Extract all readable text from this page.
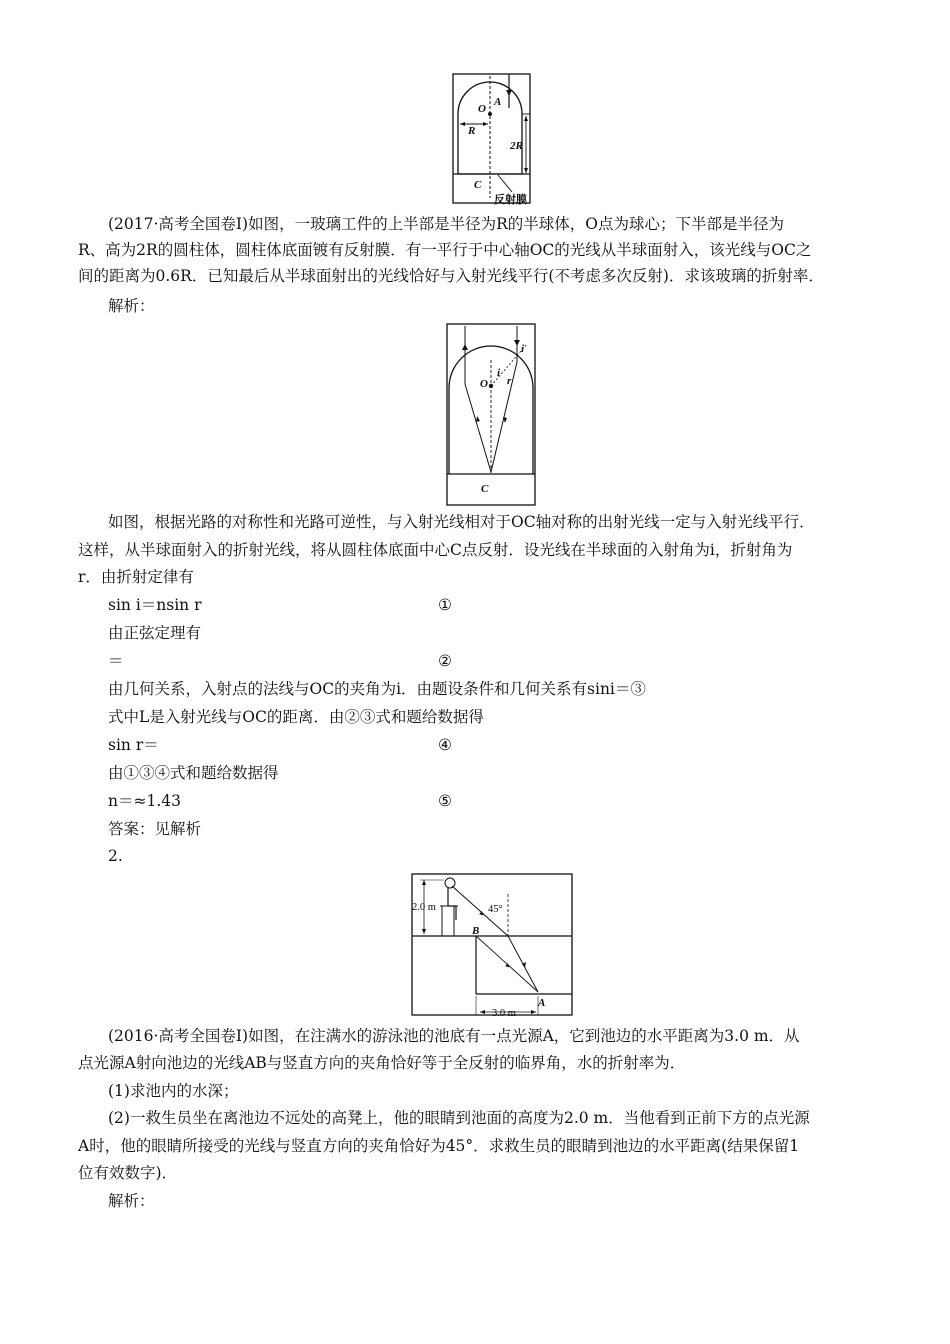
O
A
R
2R
C
反射膜
(2017·高考全国卷Ⅰ)如图，一玻璃工件的上半部是半径为R的半球体，O点为球心；下半部是半径为
R、高为2R的圆柱体，圆柱体底面镀有反射膜．有一平行于中心轴OC的光线从半球面射入，该光线与OC之
间的距离为0.6R．已知最后从半球面射出的光线恰好与入射光线平行(不考虑多次反射)．求该玻璃的折射率．
解析：
O
i
i
r
C
如图，根据光路的对称性和光路可逆性，与入射光线相对于OC轴对称的出射光线一定与入射光线平行．
这样，从半球面射入的折射光线，将从圆柱体底面中心C点反射．设光线在半球面的入射角为i，折射角为
r．由折射定律有
sin i＝nsin r	①
由正弦定理有
＝	②
由几何关系，入射点的法线与OC的夹角为i．由题设条件和几何关系有sini＝③
式中L是入射光线与OC的距离．由②③式和题给数据得
sin r＝	④
由①③④式和题给数据得
n＝≈1.43	⑤
答案：见解析
2.
2.0 m	45°
B
3.0 m
A
(2016·高考全国卷Ⅰ)如图，在注满水的游泳池的池底有一点光源A，它到池边的水平距离为3.0 m．从
点光源A射向池边的光线AB与竖直方向的夹角恰好等于全反射的临界角，水的折射率为．
(1)求池内的水深；
(2)一救生员坐在离池边不远处的高凳上，他的眼睛到池面的高度为2.0 m．当他看到正前下方的点光源
A时，他的眼睛所接受的光线与竖直方向的夹角恰好为45°．求救生员的眼睛到池边的水平距离(结果保留1
位有效数字)．
解析：
